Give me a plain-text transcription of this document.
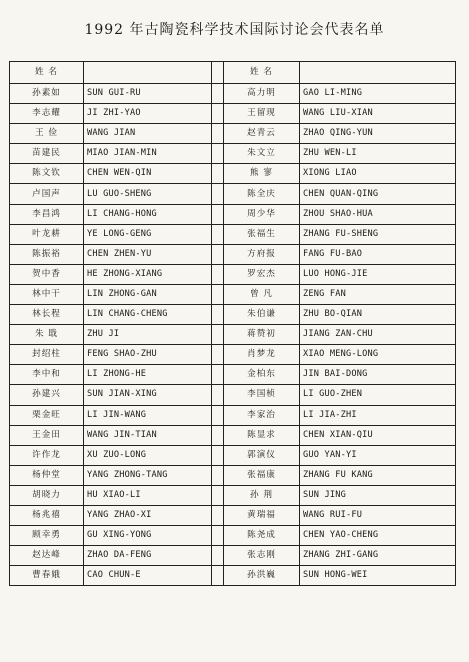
1992 年古陶瓷科学技术国际讨论会代表名单
姓 名			姓 名	
孙素如	SUN GUI-RU		高力明	GAO LI-MING
李志耀	JI ZHI-YAO		王留现	WANG LIU-XIAN
王 俭	WANG JIAN		赵青云	ZHAO QING-YUN
苗建民	MIAO JIAN-MIN		朱文立	ZHU WEN-LI
陈文钦	CHEN WEN-QIN		熊 寥	XIONG LIAO
卢国声	LU GUO-SHENG		陈全庆	CHEN QUAN-QING
李昌鸿	LI CHANG-HONG		周少华	ZHOU SHAO-HUA
叶龙耕	YE LONG-GENG		张福生	ZHANG FU-SHENG
陈振裕	CHEN ZHEN-YU		方府报	FANG FU-BAO
贺中香	HE ZHONG-XIANG		罗宏杰	LUO HONG-JIE
林中干	LIN ZHONG-GAN		曾 凡	ZENG FAN
林长程	LIN CHANG-CHENG		朱伯谦	ZHU BO-QIAN
朱 戢	ZHU JI		蒋赞初	JIANG ZAN-CHU
封绍柱	FENG SHAO-ZHU		肖梦龙	XIAO MENG-LONG
李中和	LI ZHONG-HE		金柏东	JIN BAI-DONG
孙建兴	SUN JIAN-XING		李国桢	LI GUO-ZHEN
栗金旺	LI JIN-WANG		李家治	LI JIA-ZHI
王金田	WANG JIN-TIAN		陈显求	CHEN XIAN-QIU
许作龙	XU ZUO-LONG		郭演仪	GUO YAN-YI
杨仲堂	YANG ZHONG-TANG		张福康	ZHANG FU KANG
胡晓力	HU XIAO-LI		孙 荆	SUN JING
杨兆禧	YANG ZHAO-XI		黄瑞福	WANG RUI-FU
顾幸勇	GU XING-YONG		陈尧成	CHEN YAO-CHENG
赵达峰	ZHAO DA-FENG		张志刚	ZHANG ZHI-GANG
曹春娥	CAO CHUN-E		孙洪巍	SUN HONG-WEI
